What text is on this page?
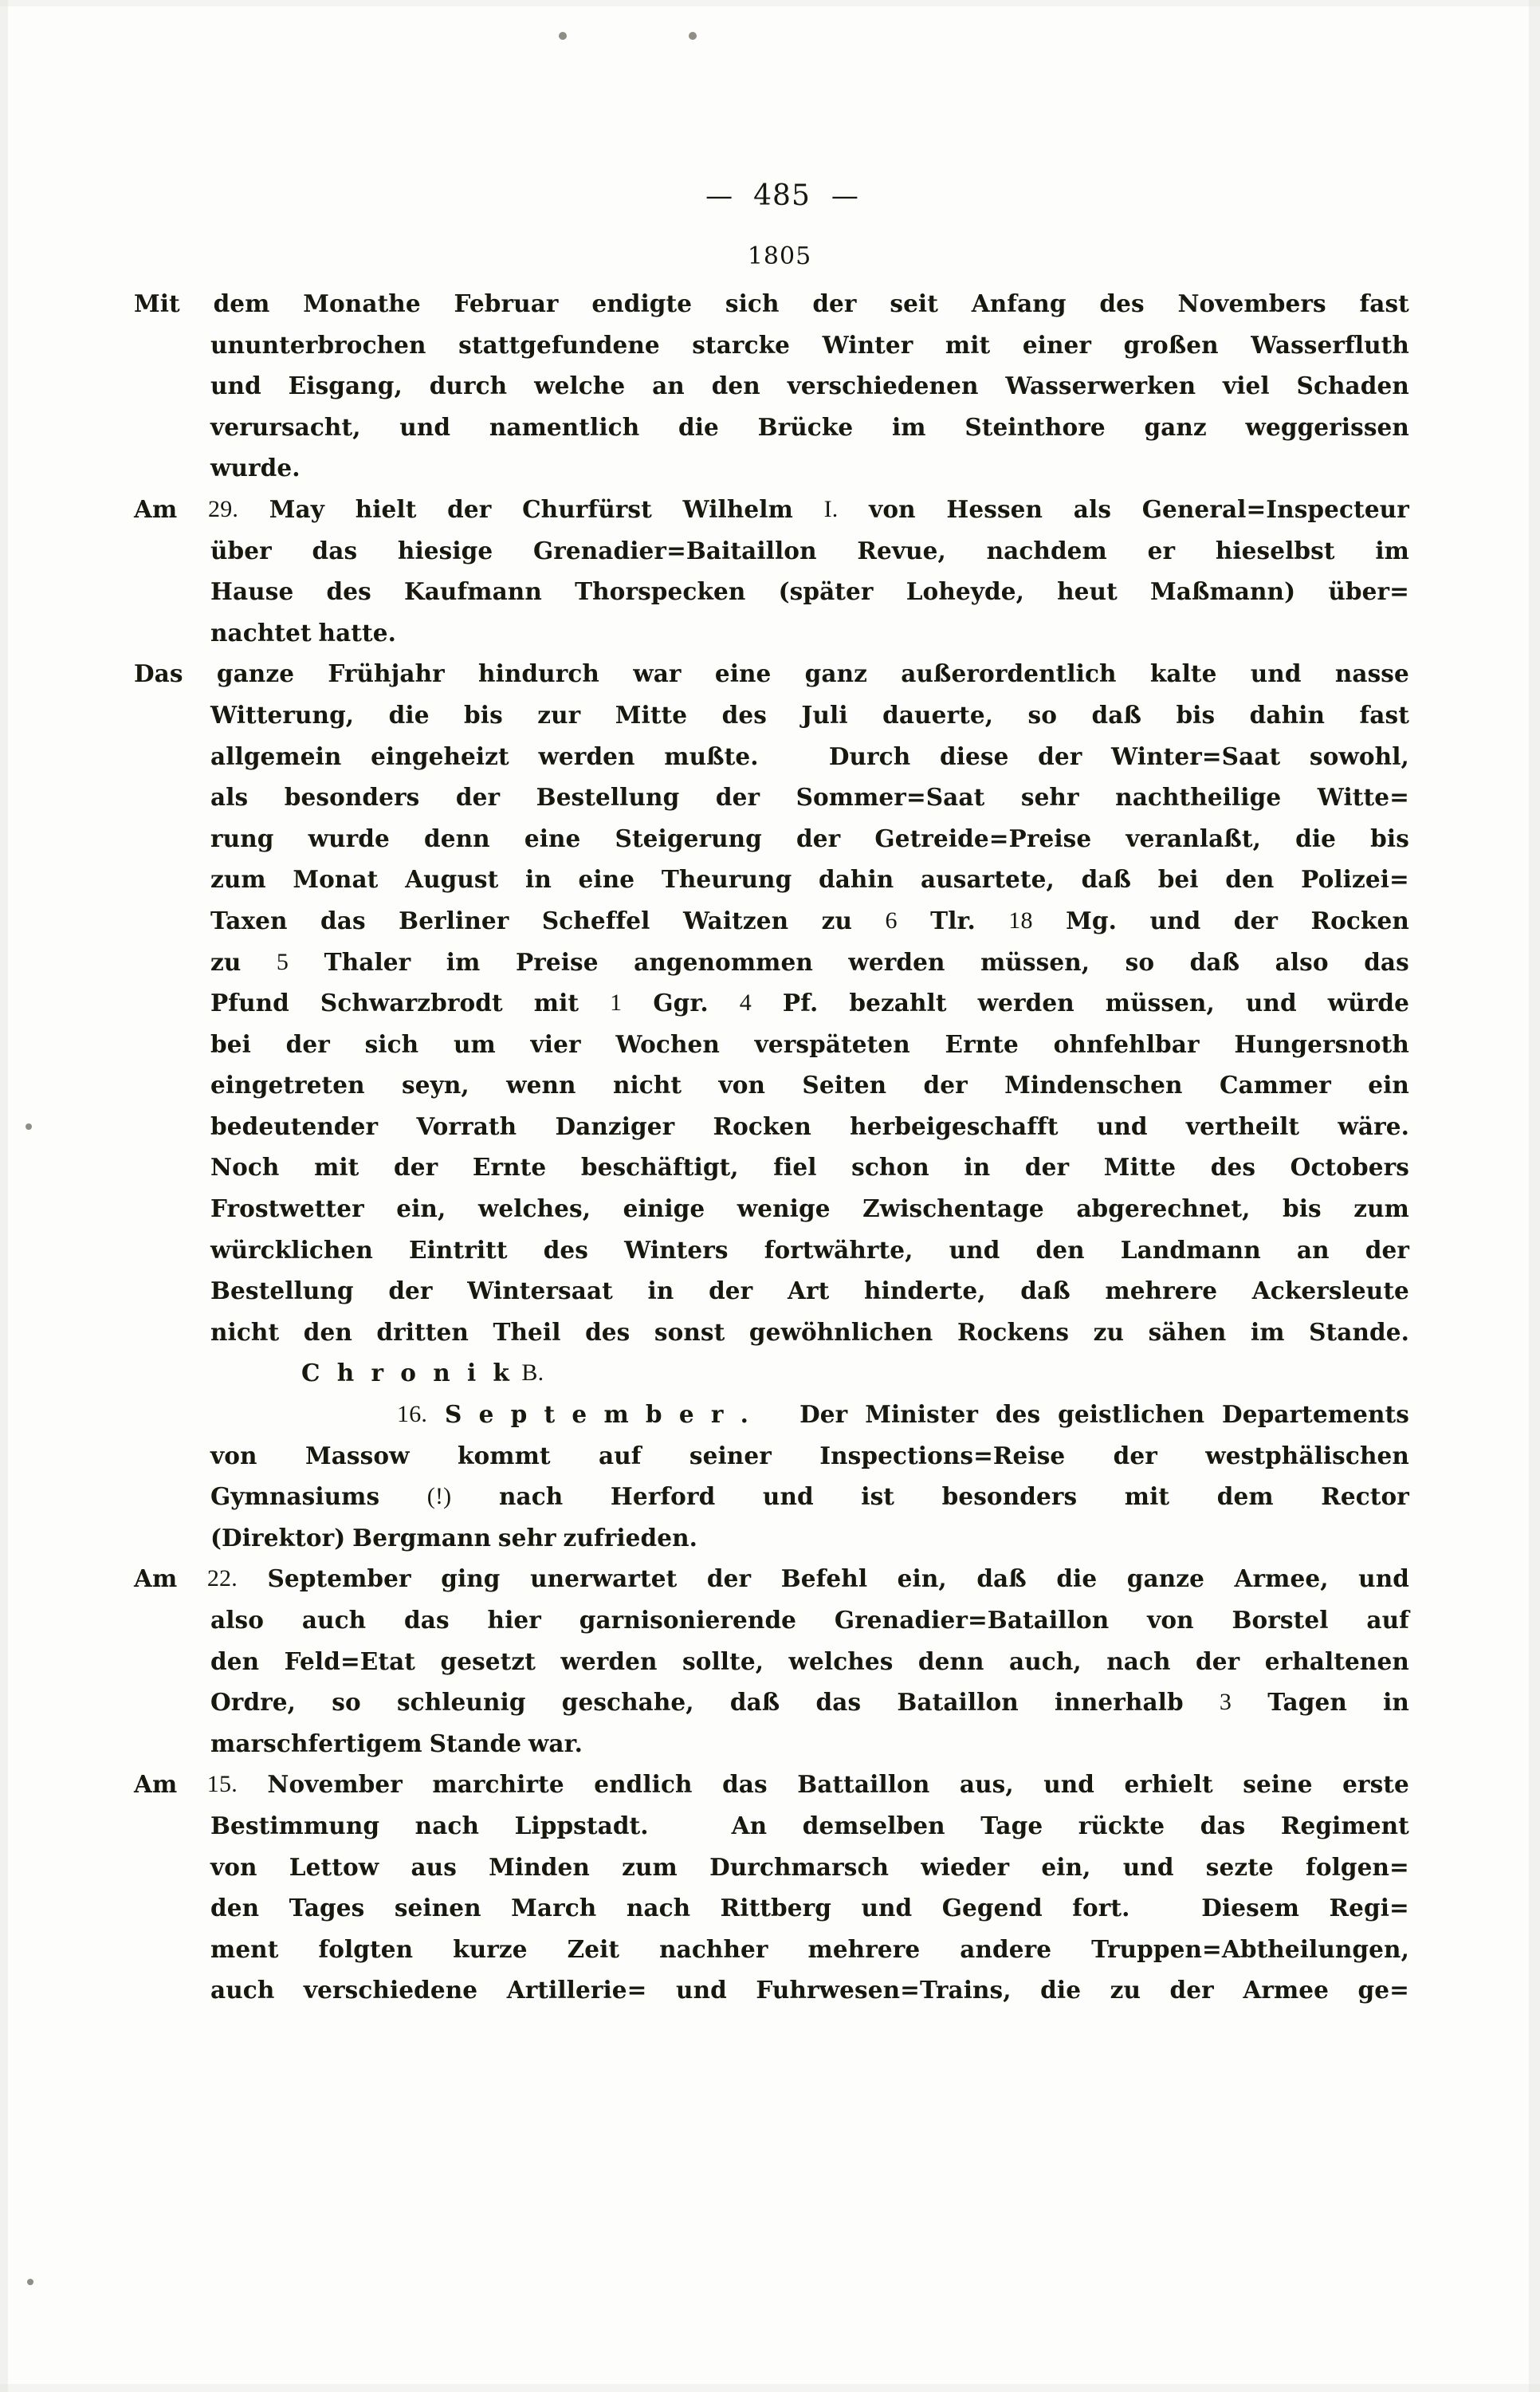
— 485 —
1805
Mit dem Monathe Februar endigte sich der seit Anfang des Novembers fast
ununterbrochen stattgefundene starcke Winter mit einer großen Wasserfluth
und Eisgang, durch welche an den verschiedenen Wasserwerken viel Schaden
verursacht, und namentlich die Brücke im Steinthore ganz weggerissen
wurde.
Am 29. May hielt der Churfürst Wilhelm I. von Hessen als General=Inspecteur
über das hiesige Grenadier=Baitaillon Revue, nachdem er hieselbst im
Hause des Kaufmann Thorspecken (später Loheyde, heut Maßmann) über=
nachtet hatte.
Das ganze Frühjahr hindurch war eine ganz außerordentlich kalte und nasse
Witterung, die bis zur Mitte des Juli dauerte, so daß bis dahin fast
allgemein eingeheizt werden mußte.
 	Durch diese der Winter=Saat sowohl,
als besonders der Bestellung der Sommer=Saat sehr nachtheilige Witte=
rung wurde denn eine Steigerung der Getreide=Preise veranlaßt, die bis
zum Monat August in eine Theurung dahin ausartete, daß bei den Polizei=
Taxen das Berliner Scheffel Waitzen zu 6 Tlr. 18 Mg. und der Rocken
zu 5 Thaler im Preise angenommen werden müssen, so daß also das
Pfund Schwarzbrodt mit 1 Ggr. 4 Pf. bezahlt werden müssen, und würde
bei der sich um vier Wochen verspäteten Ernte ohnfehlbar Hungersnoth
eingetreten seyn, wenn nicht von Seiten der Mindenschen Cammer ein
bedeutender Vorrath Danziger Rocken herbeigeschafft und vertheilt wäre.
Noch mit der Ernte beschäftigt, fiel schon in der Mitte des Octobers
Frostwetter ein, welches, einige wenige Zwischentage abgerechnet, bis zum
würcklichen Eintritt des Winters fortwährte, und den Landmann an der
Bestellung der Wintersaat in der Art hinderte, daß mehrere Ackersleute
nicht den dritten Theil des sonst gewöhnlichen Rockens zu sähen im Stande.
C h r o n i k B.
16. S e p t e m b e r .
  Der Minister des geistlichen Departements
von Massow kommt auf seiner Inspections=Reise der westphälischen
Gymnasiums (!) nach Herford und ist besonders mit dem Rector
(Direktor) Bergmann sehr zufrieden.
Am 22. September ging unerwartet der Befehl ein, daß die ganze Armee, und
also auch das hier garnisonierende Grenadier=Bataillon von Borstel auf
den Feld=Etat gesetzt werden sollte, welches denn auch, nach der erhaltenen
Ordre, so schleunig geschahe, daß das Bataillon innerhalb 3 Tagen in
marschfertigem Stande war.
Am 15. November marchirte endlich das Battaillon aus, und erhielt seine erste
Bestimmung nach Lippstadt.
 	An demselben Tage rückte das Regiment
von Lettow aus Minden zum Durchmarsch wieder ein, und sezte folgen=
den Tages seinen March nach Rittberg und Gegend fort.
 	Diesem Regi=
ment folgten kurze Zeit nachher mehrere andere Truppen=Abtheilungen,
auch verschiedene Artillerie= und Fuhrwesen=Trains, die zu der Armee ge=
